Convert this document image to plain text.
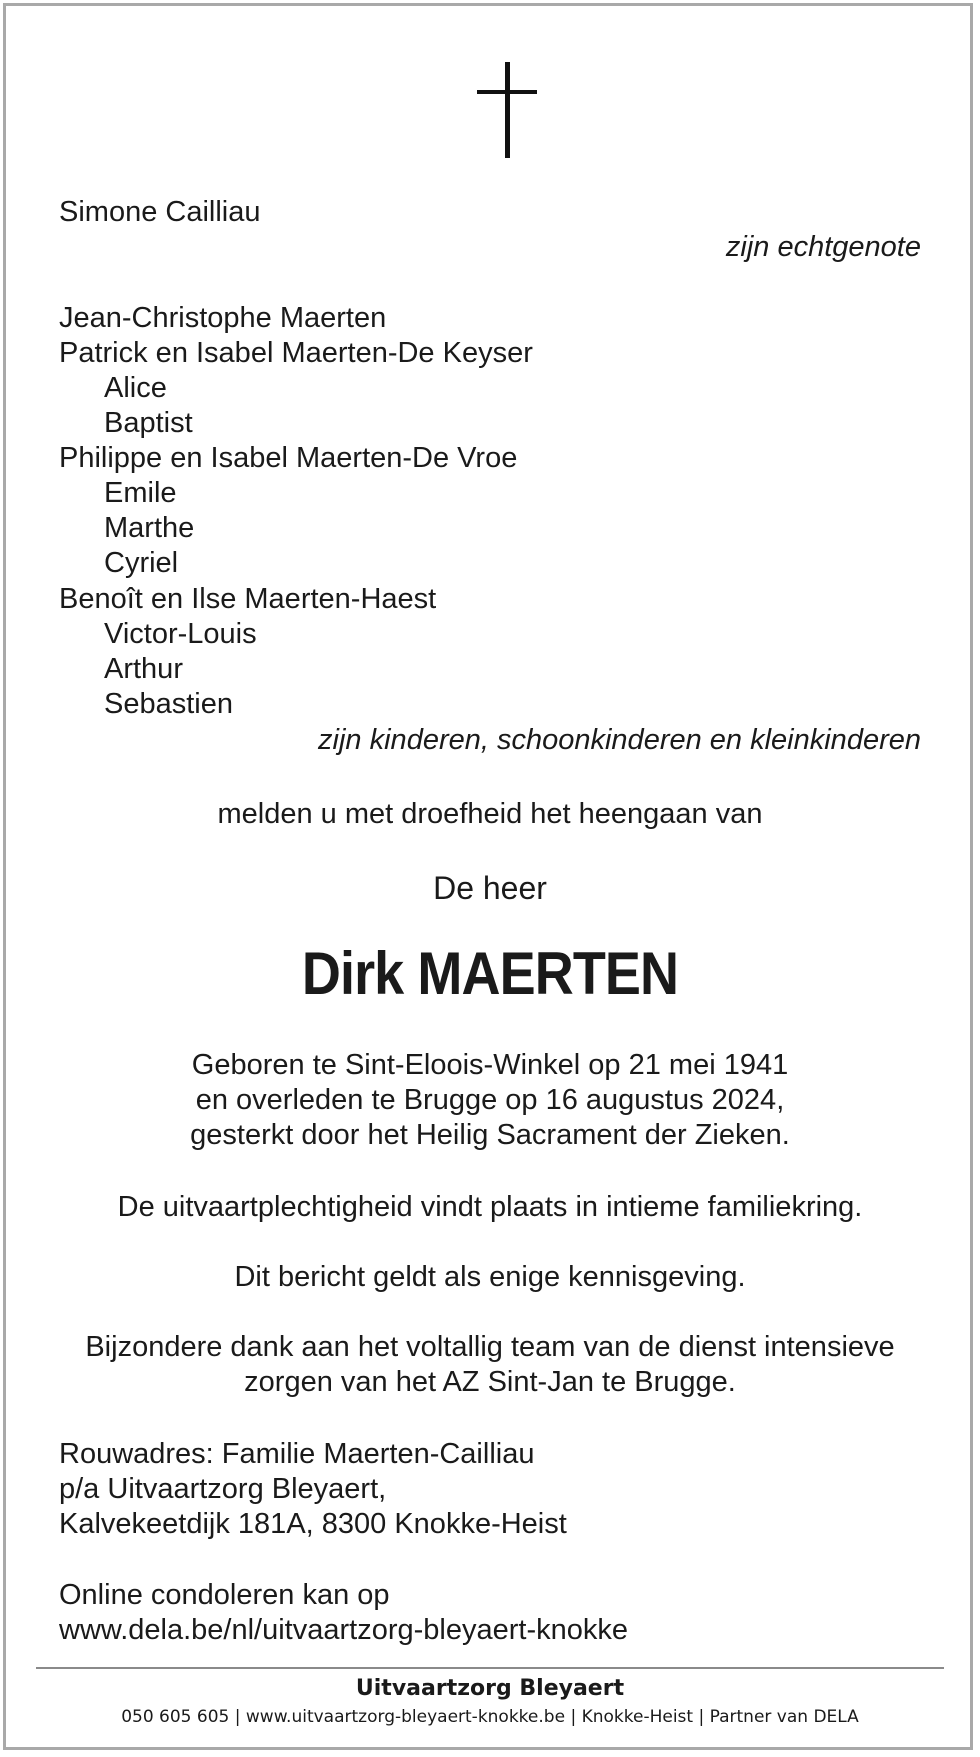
Simone Cailliau
zijn echtgenote
Jean-Christophe Maerten
Patrick en Isabel Maerten-De Keyser
Alice
Baptist
Philippe en Isabel Maerten-De Vroe
Emile
Marthe
Cyriel
Benoît en Ilse Maerten-Haest
Victor-Louis
Arthur
Sebastien
zijn kinderen, schoonkinderen en kleinkinderen
melden u met droefheid het heengaan van
De heer
Dirk MAERTEN
Geboren te Sint-Eloois-Winkel op 21 mei 1941
en overleden te Brugge op 16 augustus 2024,
gesterkt door het Heilig Sacrament der Zieken.
De uitvaartplechtigheid vindt plaats in intieme familiekring.
Dit bericht geldt als enige kennisgeving.
Bijzondere dank aan het voltallig team van de dienst intensieve
zorgen van het AZ Sint-Jan te Brugge.
Rouwadres: Familie Maerten-Cailliau
p/a Uitvaartzorg Bleyaert,
Kalvekeetdijk 181A, 8300 Knokke-Heist
Online condoleren kan op
www.dela.be/nl/uitvaartzorg-bleyaert-knokke
Uitvaartzorg Bleyaert
050 605 605 | www.uitvaartzorg-bleyaert-knokke.be | Knokke-Heist | Partner van DELA
